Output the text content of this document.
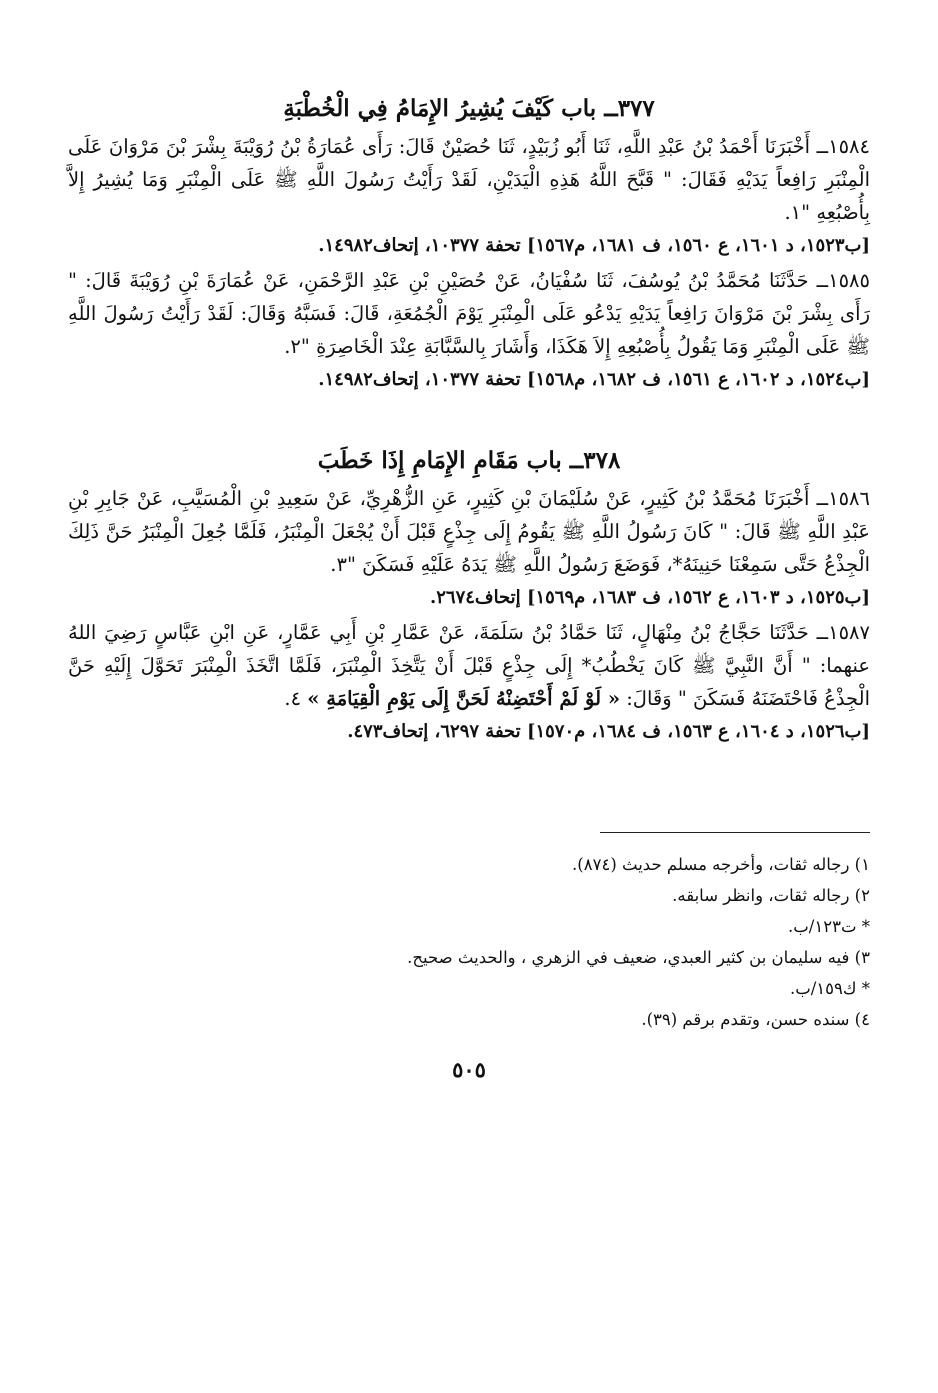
٣٧٧ــ باب كَيْفَ يُشِيرُ الإِمَامُ فِي الْخُطْبَةِ

١٥٨٤ــ أَخْبَرَنَا أَحْمَدُ بْنُ عَبْدِ اللَّهِ، ثَنَا أَبُو زُبَيْدٍ، ثَنَا حُصَيْنٌ قَالَ: رَأَى عُمَارَةُ بْنُ رُوَيْبَةَ بِشْرَ بْنَ مَرْوَانَ عَلَى الْمِنْبَرِ رَافِعاً يَدَيْهِ فَقَالَ: " قَبَّحَ اللَّهُ هَذِهِ الْيَدَيْنِ، لَقَدْ رَأَيْتُ رَسُولَ اللَّهِ ﷺ عَلَى الْمِنْبَرِ وَمَا يُشِيرُ إِلاَّ بِأُصْبُعِهِ "١.

[ب١٥٢٣، د ١٦٠١، ع ١٥٦٠، ف ١٦٨١، م١٥٦٧] تحفة ١٠٣٧٧، إتحاف١٤٩٨٢.

١٥٨٥ــ حَدَّثَنَا مُحَمَّدُ بْنُ يُوسُفَ، ثَنَا سُفْيَانُ، عَنْ حُصَيْنِ بْنِ عَبْدِ الرَّحْمَنِ، عَنْ عُمَارَةَ بْنِ رُوَيْبَةَ قَالَ: " رَأَى بِشْرَ بْنَ مَرْوَانَ رَافِعاً يَدَيْهِ يَدْعُو عَلَى الْمِنْبَرِ يَوْمَ الْجُمُعَةِ، قَالَ: فَسَبَّهُ وَقَالَ: لَقَدْ رَأَيْتُ رَسُولَ اللَّهِ ﷺ عَلَى الْمِنْبَرِ وَمَا يَقُولُ بِأُصْبُعِهِ إِلاَ هَكَذَا، وَأَشَارَ بِالسَّبَّابَةِ عِنْدَ الْخَاصِرَةِ "٢.

[ب١٥٢٤، د ١٦٠٢، ع ١٥٦١، ف ١٦٨٢، م١٥٦٨] تحفة ١٠٣٧٧، إتحاف١٤٩٨٢.

٣٧٨ــ باب مَقَامِ الإِمَامِ إِذَا خَطَبَ

١٥٨٦ــ أَخْبَرَنَا مُحَمَّدُ بْنُ كَثِيرٍ، عَنْ سُلَيْمَانَ بْنِ كَثِيرٍ، عَنِ الزُّهْرِيِّ، عَنْ سَعِيدِ بْنِ الْمُسَيَّبِ، عَنْ جَابِرِ بْنِ عَبْدِ اللَّهِ ﷺ قَالَ: " كَانَ رَسُولُ اللَّهِ ﷺ يَقُومُ إِلَى جِذْعٍ قَبْلَ أَنْ يُجْعَلَ الْمِنْبَرُ، فَلَمَّا جُعِلَ الْمِنْبَرُ حَنَّ ذَلِكَ الْجِذْعُ حَتَّى سَمِعْنَا حَنِينَهُ*، فَوَضَعَ رَسُولُ اللَّهِ ﷺ يَدَهُ عَلَيْهِ فَسَكَنَ "٣.

[ب١٥٢٥، د ١٦٠٣، ع ١٥٦٢، ف ١٦٨٣، م١٥٦٩] إتحاف٢٦٧٤.

١٥٨٧ــ حَدَّثَنَا حَجَّاجُ بْنُ مِنْهَالٍ، ثَنَا حَمَّادُ بْنُ سَلَمَةَ، عَنْ عَمَّارِ بْنِ أَبِي عَمَّارٍ، عَنِ ابْنِ عَبَّاسٍ رَضِيَ اللهُ عنهما: " أَنَّ النَّبِيَّ ﷺ كَانَ يَخْطُبُ* إِلَى جِذْعٍ قَبْلَ أَنْ يَتَّخِذَ الْمِنْبَرَ، فَلَمَّا اتَّخَذَ الْمِنْبَرَ تَحَوَّلَ إِلَيْهِ حَنَّ الْجِذْعُ فَاحْتَضَنَهُ فَسَكَنَ " وَقَالَ: « لَوْ لَمْ أَحْتَضِنْهُ لَحَنَّ إِلَى يَوْمِ الْقِيَامَةِ » ٤.

[ب١٥٢٦، د ١٦٠٤، ع ١٥٦٣، ف ١٦٨٤، م١٥٧٠] تحفة ٦٢٩٧، إتحاف٤٧٣.

١) رجاله ثقات، وأخرجه مسلم حديث (٨٧٤).

٢) رجاله ثقات، وانظر سابقه.

* ت١٢٣/ب.

٣) فيه سليمان بن كثير العبدي، ضعيف في الزهري ، والحديث صحيح.

* ك١٥٩/ب.

٤) سنده حسن، وتقدم برقم (٣٩).

٥٠٥
